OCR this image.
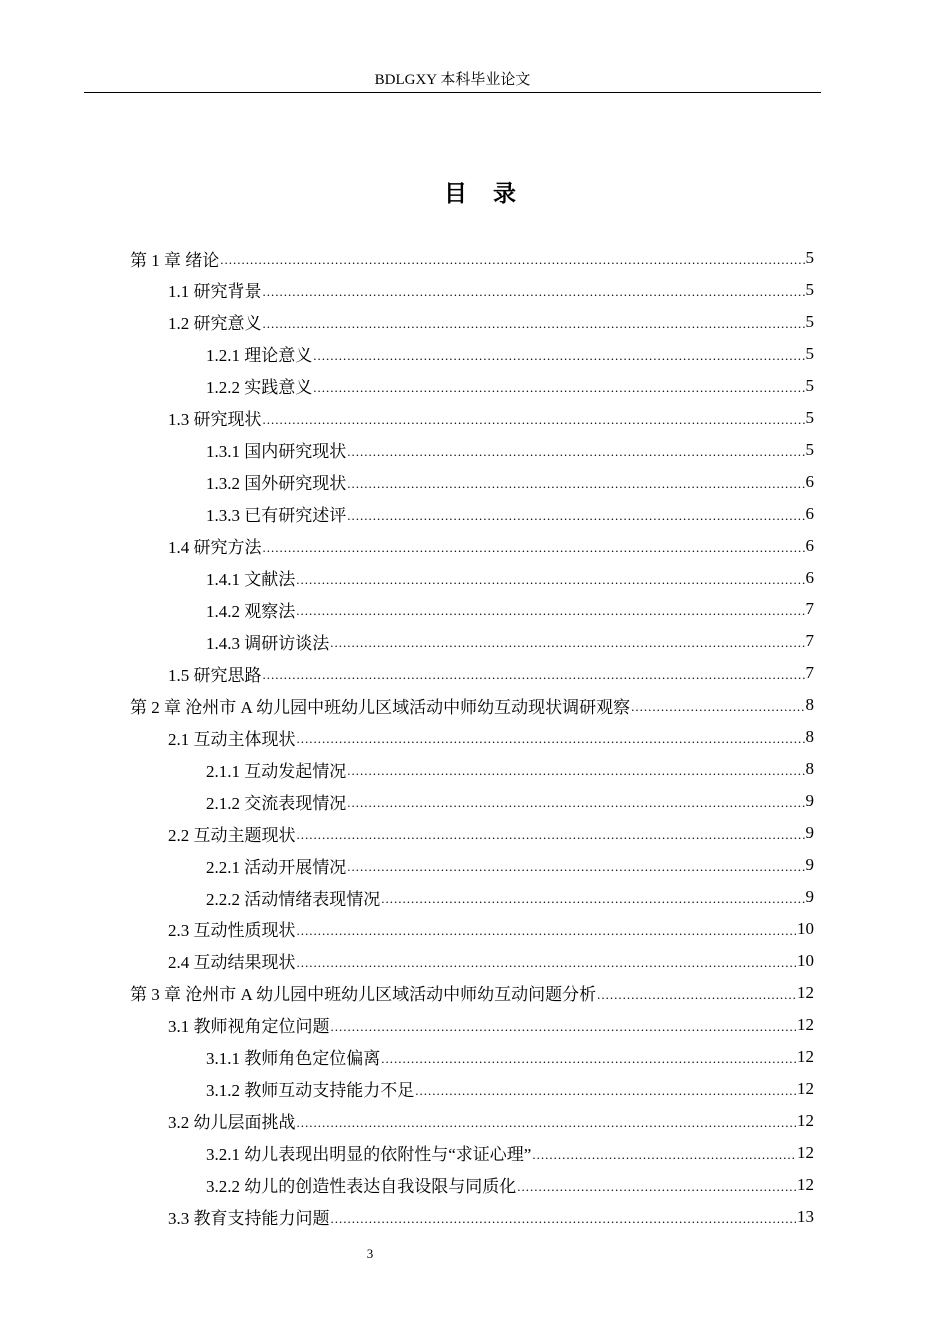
BDLGXY 本科毕业论文
目录
第 1 章 绪论 .....	5
1.1 研究背景 .....	5
1.2 研究意义 .....	5
1.2.1 理论意义 .....	5
1.2.2 实践意义 .....	5
1.3 研究现状 .....	5
1.3.1 国内研究现状 .....	5
1.3.2 国外研究现状 .....	6
1.3.3 已有研究述评 .....	6
1.4 研究方法 .....	6
1.4.1 文献法 .....	6
1.4.2 观察法 .....	7
1.4.3 调研访谈法 .....	7
1.5 研究思路 .....	7
第 2 章 沧州市 A 幼儿园中班幼儿区域活动中师幼互动现状调研观察 .....	8
2.1 互动主体现状 .....	8
2.1.1 互动发起情况 .....	8
2.1.2 交流表现情况 .....	9
2.2 互动主题现状 .....	9
2.2.1 活动开展情况 .....	9
2.2.2 活动情绪表现情况 .....	9
2.3 互动性质现状 .....	10
2.4 互动结果现状 .....	10
第 3 章 沧州市 A 幼儿园中班幼儿区域活动中师幼互动问题分析 .....	12
3.1 教师视角定位问题 .....	12
3.1.1 教师角色定位偏离 .....	12
3.1.2 教师互动支持能力不足 .....	12
3.2 幼儿层面挑战 .....	12
3.2.1 幼儿表现出明显的依附性与“求证心理” .....	12
3.2.2 幼儿的创造性表达自我设限与同质化 .....	12
3.3 教育支持能力问题 .....	13
3
